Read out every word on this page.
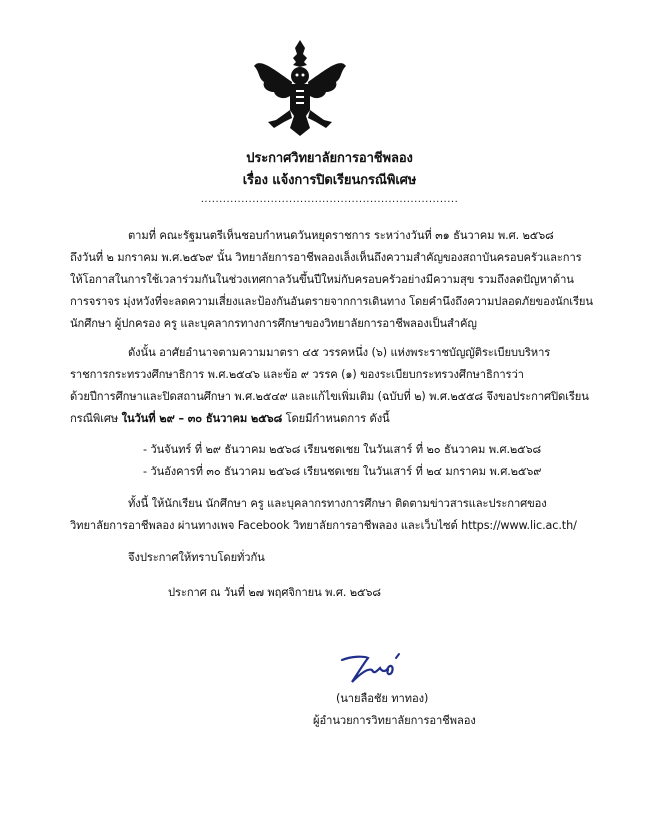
ประกาศวิทยาลัยการอาชีพลอง
เรื่อง แจ้งการปิดเรียนกรณีพิเศษ
......................................................................
ตามที่ คณะรัฐมนตรีเห็นชอบกำหนดวันหยุดราชการ ระหว่างวันที่ ๓๑ ธันวาคม พ.ศ. ๒๕๖๘
ถึงวันที่ ๒ มกราคม พ.ศ.๒๕๖๙ นั้น วิทยาลัยการอาชีพลองเล็งเห็นถึงความสำคัญของสถาบันครอบครัวและการ
ให้โอกาสในการใช้เวลาร่วมกันในช่วงเทศกาลวันขึ้นปีใหม่กับครอบครัวอย่างมีความสุข รวมถึงลดปัญหาด้าน
การจราจร มุ่งหวังที่จะลดความเสี่ยงและป้องกันอันตรายจากการเดินทาง โดยคำนึงถึงความปลอดภัยของนักเรียน
นักศึกษา ผู้ปกครอง ครู และบุคลากรทางการศึกษาของวิทยาลัยการอาชีพลองเป็นสำคัญ
ดังนั้น อาศัยอำนาจตามความมาตรา ๔๕ วรรคหนึ่ง (๖) แห่งพระราชบัญญัติระเบียบบริหาร
ราชการกระทรวงศึกษาธิการ พ.ศ.๒๕๔๖ และข้อ ๙ วรรค (๑) ของระเบียบกระทรวงศึกษาธิการว่า
ด้วยปีการศึกษาและปิดสถานศึกษา พ.ศ.๒๕๔๙ และแก้ไขเพิ่มเติม (ฉบับที่ ๒) พ.ศ.๒๕๕๘ จึงขอประกาศปิดเรียน
กรณีพิเศษ ในวันที่ ๒๙ – ๓๐ ธันวาคม ๒๕๖๘ โดยมีกำหนดการ ดังนี้
- วันจันทร์ ที่ ๒๙ ธันวาคม ๒๕๖๘ เรียนชดเชย ในวันเสาร์ ที่ ๒๐ ธันวาคม พ.ศ.๒๕๖๘
- วันอังคารที่ ๓๐ ธันวาคม ๒๕๖๘ เรียนชดเชย ในวันเสาร์ ที่ ๒๔ มกราคม พ.ศ.๒๕๖๙
ทั้งนี้ ให้นักเรียน นักศึกษา ครู และบุคลากรทางการศึกษา ติดตามข่าวสารและประกาศของ
วิทยาลัยการอาชีพลอง ผ่านทางเพจ Facebook วิทยาลัยการอาชีพลอง และเว็บไซต์ https://www.lic.ac.th/
จึงประกาศให้ทราบโดยทั่วกัน
ประกาศ ณ วันที่ ๒๗ พฤศจิกายน พ.ศ. ๒๕๖๘
(นายลือชัย ทาทอง)
ผู้อำนวยการวิทยาลัยการอาชีพลอง
